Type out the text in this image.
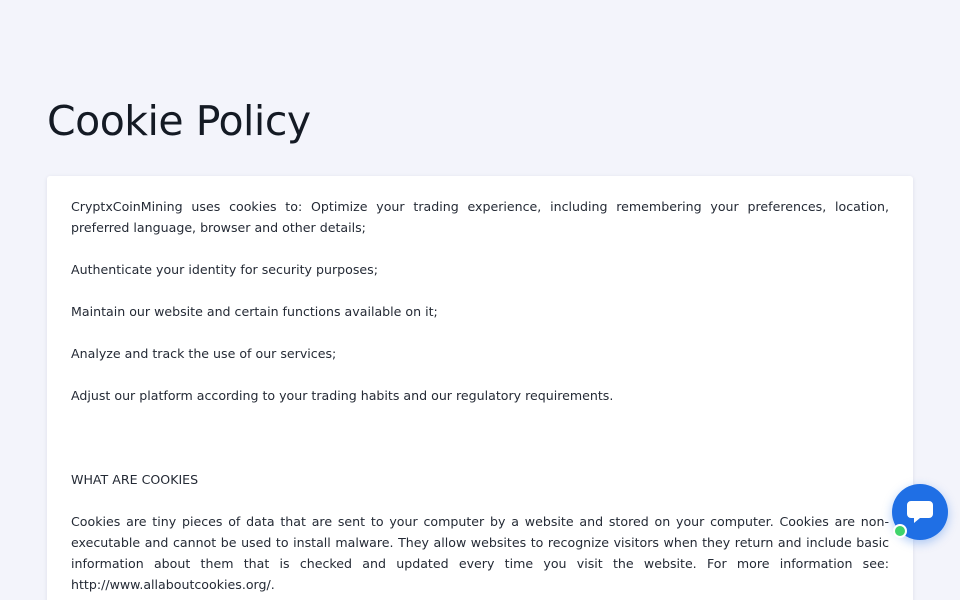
Cookie Policy

CryptxCoinMining uses cookies to: Optimize your trading experience, including remembering your preferences, location, preferred language, browser and other details;

Authenticate your identity for security purposes;

Maintain our website and certain functions available on it;

Analyze and track the use of our services;

Adjust our platform according to your trading habits and our regulatory requirements.

WHAT ARE COOKIES

Cookies are tiny pieces of data that are sent to your computer by a website and stored on your computer. Cookies are non-executable and cannot be used to install malware. They allow websites to recognize visitors when they return and include basic information about them that is checked and updated every time you visit the website. For more information see: http://www.allaboutcookies.org/.
